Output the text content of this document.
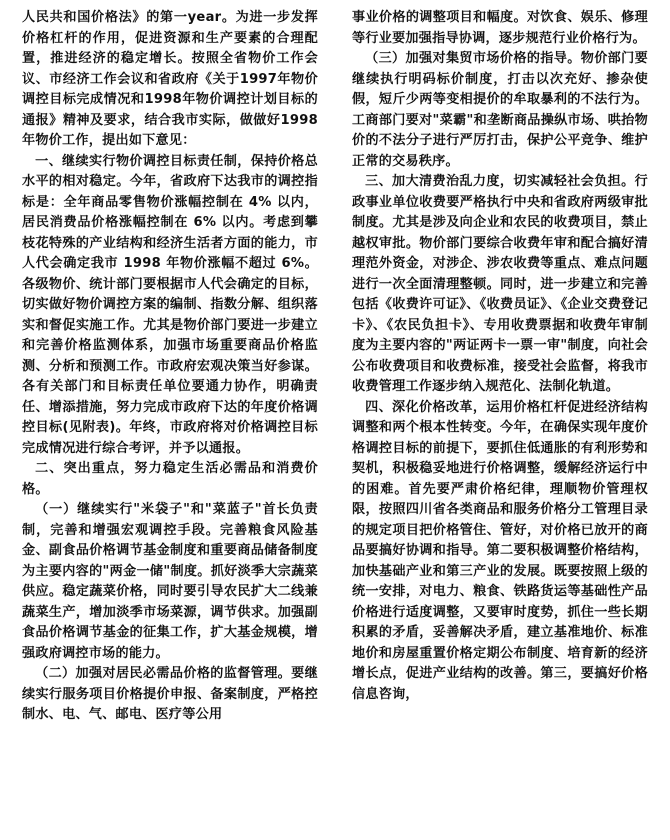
人民共和国价格法》的第一year。为进一步发挥价格杠杆的作用，促进资源和生产要素的合理配置，推进经济的稳定增长。按照全省物价工作会议、市经济工作会议和省政府《关于1997年物价调控目标完成情况和1998年物价调控计划目标的通报》精神及要求，结合我市实际，做做好1998年物价工作，提出如下意见：

一、继续实行物价调控目标责任制，保持价格总水平的相对稳定。今年，省政府下达我市的调控指标是：全年商品零售物价涨幅控制在 4% 以内，居民消费品价格涨幅控制在 6% 以内。考虑到攀枝花特殊的产业结构和经济生活者方面的能力，市人代会确定我市 1998 年物价涨幅不超过 6%。各级物价、统计部门要根据市人代会确定的目标，切实做好物价调控方案的编制、指数分解、组织落实和督促实施工作。尤其是物价部门要进一步建立和完善价格监测体系，加强市场重要商品价格监测、分析和预测工作。市政府宏观决策当好参谋。各有关部门和目标责任单位要通力协作，明确责任、增添措施，努力完成市政府下达的年度价格调控目标(见附表)。年终，市政府将对价格调控目标完成情况进行综合考评，并予以通报。

二、突出重点，努力稳定生活必需品和消费价格。

（一）继续实行"米袋子"和"菜蓝子"首长负责制，完善和增强宏观调控手段。完善粮食风险基金、副食品价格调节基金制度和重要商品储备制度为主要内容的"两金一储"制度。抓好淡季大宗蔬菜供应。稳定蔬菜价格，同时要引导农民扩大二线兼蔬菜生产，增加淡季市场菜源，调节供求。加强副食品价格调节基金的征集工作，扩大基金规模，增强政府调控市场的能力。

（二）加强对居民必需品价格的监督管理。要继续实行服务项目价格提价申报、备案制度，严格控制水、电、气、邮电、医疗等公用

事业价格的调整项目和幅度。对饮食、娱乐、修理等行业要加强指导协调，逐步规范行业价格行为。

（三）加强对集贸市场价格的指导。物价部门要继续执行明码标价制度，打击以次充好、掺杂使假，短斤少两等变相提价的牟取暴利的不法行为。工商部门要对"菜霸"和垄断商品操纵市场、哄抬物价的不法分子进行严厉打击，保护公平竞争、维护正常的交易秩序。

三、加大清费治乱力度，切实减轻社会负担。行政事业单位收费要严格执行中央和省政府两级审批制度。尤其是涉及向企业和农民的收费项目，禁止越权审批。物价部门要综合收费年审和配合搞好清理范外资金，对涉企、涉农收费等重点、难点问题进行一次全面清理整顿。同时，进一步建立和完善包括《收费许可证》、《收费员证》、《企业交费登记卡》、《农民负担卡》、专用收费票据和收费年审制度为主要内容的"两证两卡一票一审"制度，向社会公布收费项目和收费标准，接受社会监督，将我市收费管理工作逐步纳入规范化、法制化轨道。

四、深化价格改革，运用价格杠杆促进经济结构调整和两个根本性转变。今年，在确保实现年度价格调控目标的前提下，要抓住低通胀的有利形势和契机，积极稳妥地进行价格调整，缓解经济运行中的困难。首先要严肃价格纪律，理顺物价管理权限，按照四川省各类商品和服务价格分工管理目录的规定项目把价格管住、管好，对价格已放开的商品要搞好协调和指导。第二要积极调整价格结构，加快基础产业和第三产业的发展。既要按照上级的统一安排，对电力、粮食、铁路货运等基础性产品价格进行适度调整，又要审时度势，抓住一些长期积累的矛盾，妥善解决矛盾，建立基准地价、标准地价和房屋重置价格定期公布制度、培育新的经济增长点，促进产业结构的改善。第三，要搞好价格信息咨询，
